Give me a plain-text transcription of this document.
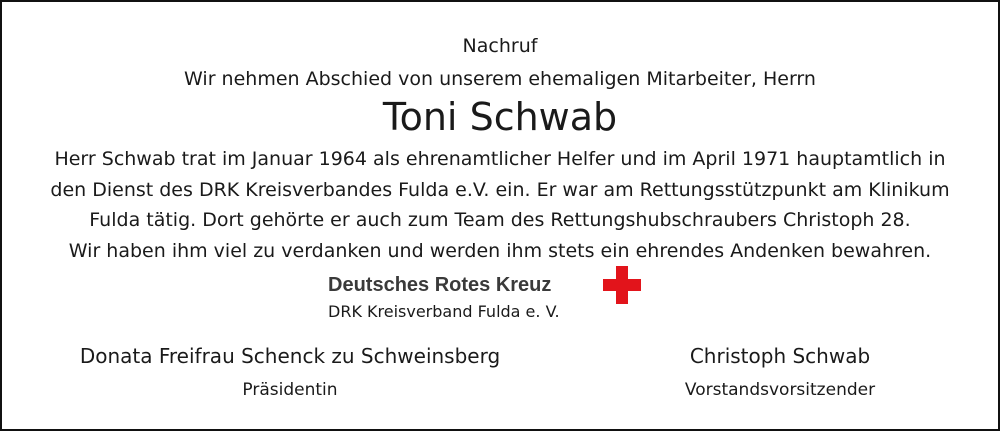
Nachruf
Wir nehmen Abschied von unserem ehemaligen Mitarbeiter, Herrn
Toni Schwab
Herr Schwab trat im Januar 1964 als ehrenamtlicher Helfer und im April 1971 hauptamtlich in
den Dienst des DRK Kreisverbandes Fulda e.V. ein. Er war am Rettungsstützpunkt am Klinikum
Fulda tätig. Dort gehörte er auch zum Team des Rettungshubschraubers Christoph 28.
Wir haben ihm viel zu verdanken und werden ihm stets ein ehrendes Andenken bewahren.
Deutsches Rotes Kreuz
DRK Kreisverband Fulda e. V.
Donata Freifrau Schenck zu Schweinsberg
Präsidentin
Christoph Schwab
Vorstandsvorsitzender
